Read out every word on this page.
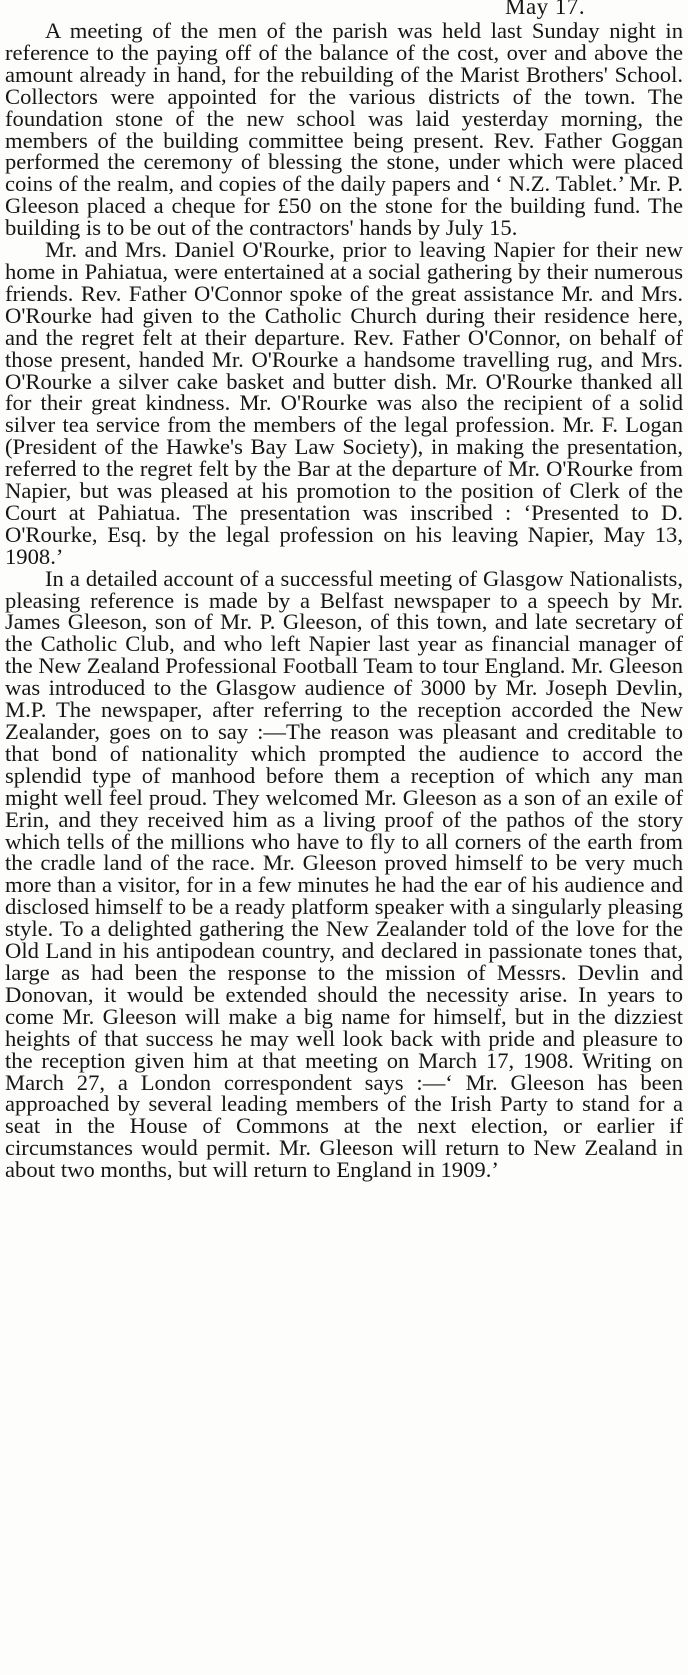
May 17.

A meeting of the men of the parish was held last Sunday night in reference to the paying off of the balance of the cost, over and above the amount already in hand, for the rebuilding of the Marist Brothers' School. Collectors were appointed for the various districts of the town. The foundation stone of the new school was laid yesterday morning, the members of the building committee being present. Rev. Father Goggan performed the ceremony of blessing the stone, under which were placed coins of the realm, and copies of the daily papers and ‘ N.Z. Tablet.’ Mr. P. Gleeson placed a cheque for £50 on the stone for the building fund. The building is to be out of the contractors' hands by July 15.

Mr. and Mrs. Daniel O'Rourke, prior to leaving Napier for their new home in Pahiatua, were entertained at a social gathering by their numerous friends. Rev. Father O'Connor spoke of the great assistance Mr. and Mrs. O'Rourke had given to the Catholic Church during their residence here, and the regret felt at their departure. Rev. Father O'Connor, on behalf of those present, handed Mr. O'Rourke a handsome travelling rug, and Mrs. O'Rourke a silver cake basket and butter dish. Mr. O'Rourke thanked all for their great kindness. Mr. O'Rourke was also the recipient of a solid silver tea service from the members of the legal profession. Mr. F. Logan (President of the Hawke's Bay Law Society), in making the presentation, referred to the regret felt by the Bar at the departure of Mr. O'Rourke from Napier, but was pleased at his promotion to the position of Clerk of the Court at Pahiatua. The presentation was inscribed : ‘Presented to D. O'Rourke, Esq. by the legal profession on his leaving Napier, May 13, 1908.’

In a detailed account of a successful meeting of Glasgow Nationalists, pleasing reference is made by a Belfast newspaper to a speech by Mr. James Gleeson, son of Mr. P. Gleeson, of this town, and late secretary of the Catholic Club, and who left Napier last year as financial manager of the New Zealand Professional Football Team to tour England. Mr. Gleeson was introduced to the Glasgow audience of 3000 by Mr. Joseph Devlin, M.P. The newspaper, after referring to the reception accorded the New Zealander, goes on to say :—The reason was pleasant and creditable to that bond of nationality which prompted the audience to accord the splendid type of manhood before them a reception of which any man might well feel proud. They welcomed Mr. Gleeson as a son of an exile of Erin, and they received him as a living proof of the pathos of the story which tells of the millions who have to fly to all corners of the earth from the cradle land of the race. Mr. Gleeson proved himself to be very much more than a visitor, for in a few minutes he had the ear of his audience and disclosed himself to be a ready platform speaker with a singularly pleasing style. To a delighted gathering the New Zealander told of the love for the Old Land in his antipodean country, and declared in passionate tones that, large as had been the response to the mission of Messrs. Devlin and Donovan, it would be extended should the necessity arise. In years to come Mr. Gleeson will make a big name for himself, but in the dizziest heights of that success he may well look back with pride and pleasure to the reception given him at that meeting on March 17, 1908. Writing on March 27, a London correspondent says :—‘ Mr. Gleeson has been approached by several leading members of the Irish Party to stand for a seat in the House of Commons at the next election, or earlier if circumstances would permit. Mr. Gleeson will return to New Zealand in about two months, but will return to England in 1909.’
